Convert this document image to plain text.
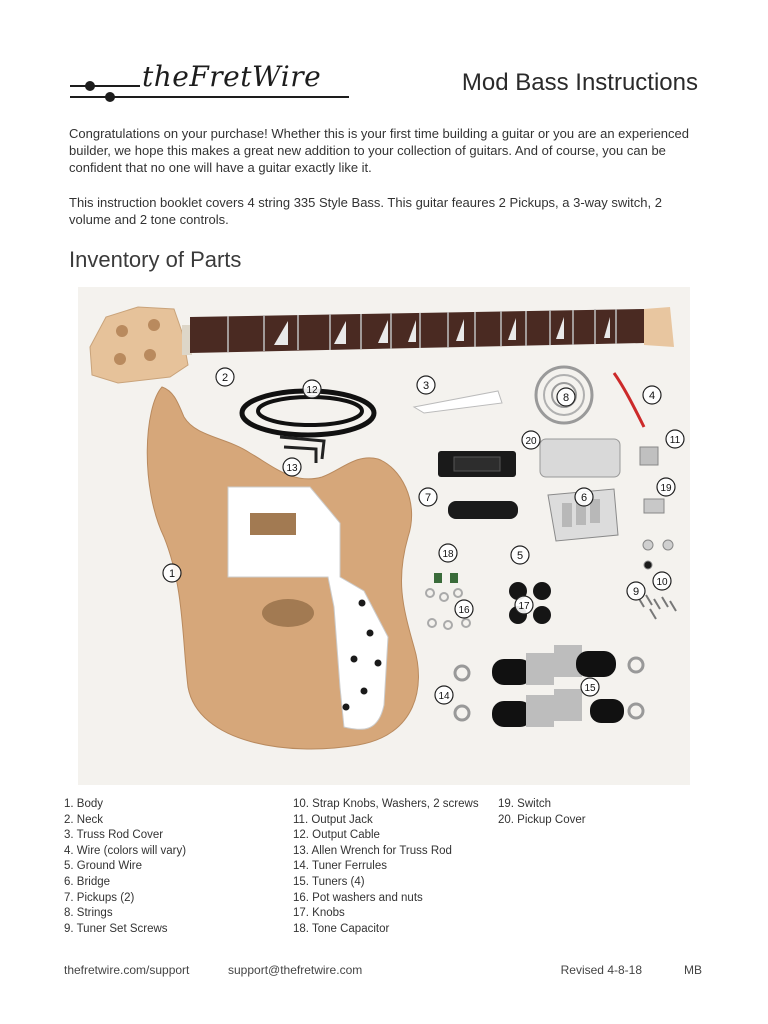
theFretWire	Mod Bass Instructions
Congratulations on your purchase! Whether this is your first time building a guitar or you are an experienced builder, we hope this makes a great new addition to your collection of guitars. And of course, you can be confident that no one will have a guitar exactly like it.
This instruction booklet covers 4 string 335 Style Bass. This guitar feaures 2 Pickups, a 3-way switch, 2 volume and 2 tone controls.
Inventory of Parts
1
2
3
4
5
6
7
8
9
10
11
12
13
14
15
16	17
18
19
20
1. Body
2. Neck
3. Truss Rod Cover
4. Wire (colors will vary)
5. Ground Wire
6. Bridge
7. Pickups (2)
8. Strings
9. Tuner Set Screws
10. Strap Knobs, Washers, 2 screws
11. Output Jack
12. Output Cable
13. Allen Wrench for Truss Rod
14. Tuner Ferrules
15. Tuners (4)
16. Pot washers and nuts
17. Knobs
18. Tone Capacitor
19. Switch
20. Pickup Cover
thefretwire.com/support	support@thefretwire.com	Revised 4-8-18	MB
